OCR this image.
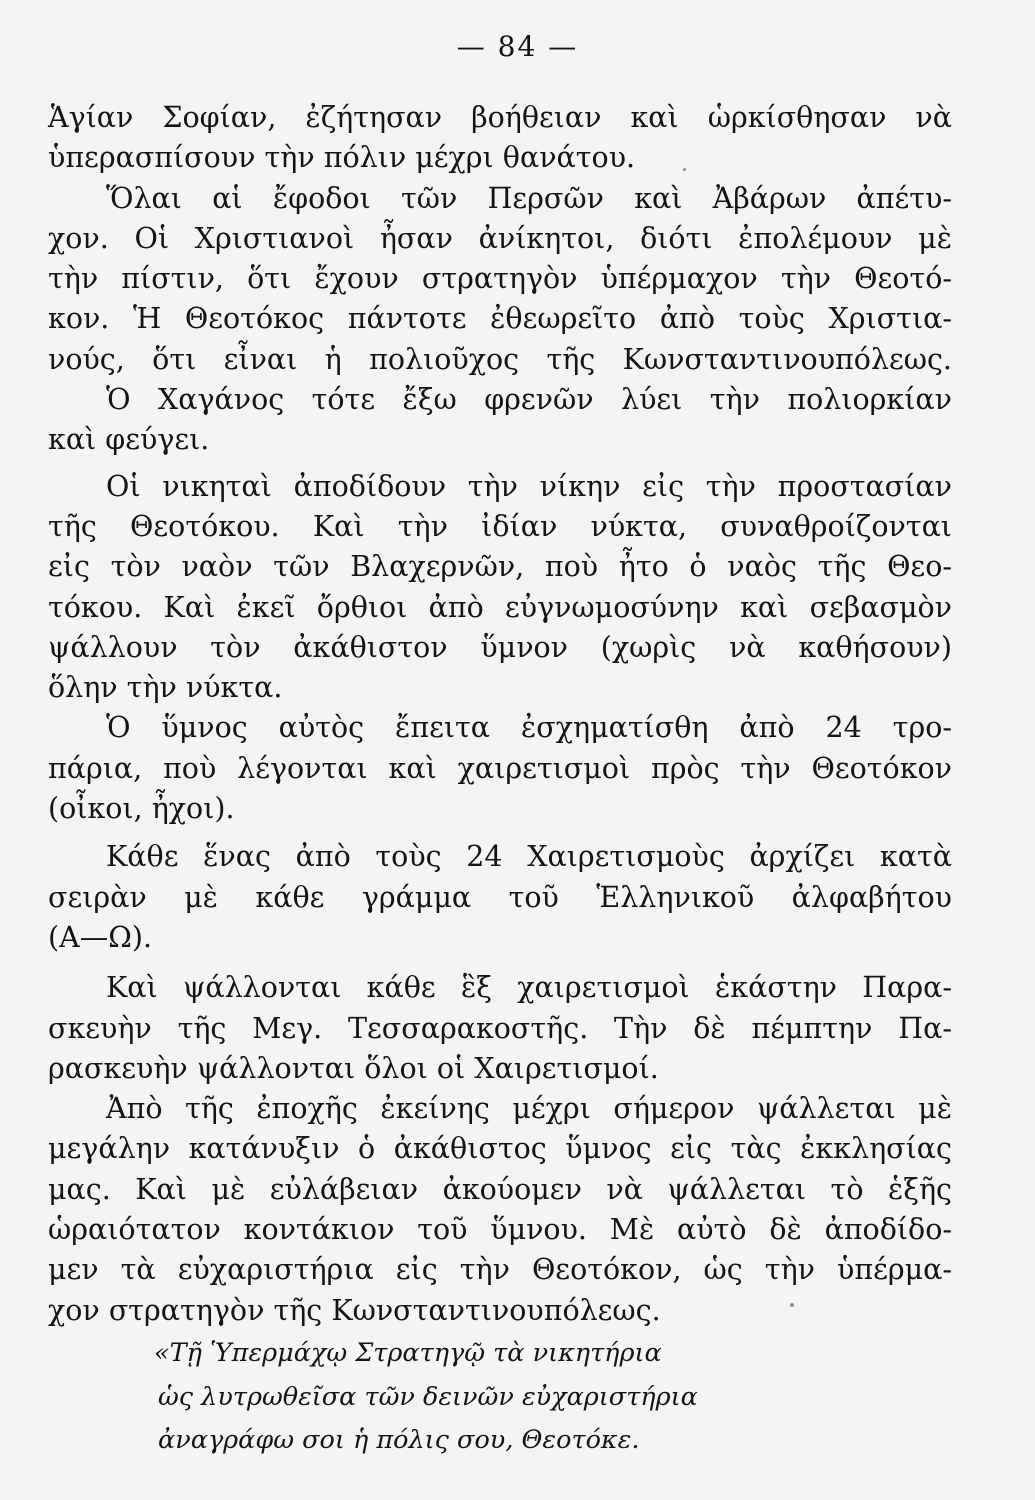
— 84 —
Ἁγίαν Σοφίαν, ἐζήτησαν βοήθειαν καὶ ὡρκίσθησαν νὰ
ὑπερασπίσουν τὴν πόλιν μέχρι θανάτου.
Ὅλαι αἱ ἔφοδοι τῶν Περσῶν καὶ Ἀβάρων ἀπέτυ-
χον. Οἱ Χριστιανοὶ ἦσαν ἀνίκητοι, διότι ἐπολέμουν μὲ
τὴν πίστιν, ὅτι ἔχουν στρατηγὸν ὑπέρμαχον τὴν Θεοτό-
κον. Ἡ Θεοτόκος πάντοτε ἐθεωρεῖτο ἀπὸ τοὺς Χριστια-
νούς, ὅτι εἶναι ἡ πολιοῦχος τῆς Κωνσταντινουπόλεως.
Ὁ Χαγάνος τότε ἔξω φρενῶν λύει τὴν πολιορκίαν
καὶ φεύγει.
Οἱ νικηταὶ ἀποδίδουν τὴν νίκην εἰς τὴν προστασίαν
τῆς Θεοτόκου. Καὶ τὴν ἰδίαν νύκτα, συναθροίζονται
εἰς τὸν ναὸν τῶν Βλαχερνῶν, ποὺ ἦτο ὁ ναὸς τῆς Θεο-
τόκου. Καὶ ἐκεῖ ὄρθιοι ἀπὸ εὐγνωμοσύνην καὶ σεβασμὸν
ψάλλουν τὸν ἀκάθιστον ὕμνον (χωρὶς νὰ καθήσουν)
ὅλην τὴν νύκτα.
Ὁ ὕμνος αὐτὸς ἔπειτα ἐσχηματίσθη ἀπὸ 24 τρο-
πάρια, ποὺ λέγονται καὶ χαιρετισμοὶ πρὸς τὴν Θεοτόκον
(οἶκοι, ἦχοι).
Κάθε ἕνας ἀπὸ τοὺς 24 Χαιρετισμοὺς ἀρχίζει κατὰ
σειρὰν μὲ κάθε γράμμα τοῦ Ἑλληνικοῦ ἀλφαβήτου
(Α—Ω).
Καὶ ψάλλονται κάθε ἓξ χαιρετισμοὶ ἑκάστην Παρα-
σκευὴν τῆς Μεγ. Τεσσαρακοστῆς. Τὴν δὲ πέμπτην Πα-
ρασκευὴν ψάλλονται ὅλοι οἱ Χαιρετισμοί.
Ἀπὸ τῆς ἐποχῆς ἐκείνης μέχρι σήμερον ψάλλεται μὲ
μεγάλην κατάνυξιν ὁ ἀκάθιστος ὕμνος εἰς τὰς ἐκκλησίας
μας. Καὶ μὲ εὐλάβειαν ἀκούομεν νὰ ψάλλεται τὸ ἑξῆς
ὡραιότατον κοντάκιον τοῦ ὕμνου. Μὲ αὐτὸ δὲ ἀποδίδο-
μεν τὰ εὐχαριστήρια εἰς τὴν Θεοτόκον, ὡς τὴν ὑπέρμα-
χον στρατηγὸν τῆς Κωνσταντινουπόλεως.
«Τῇ Ὑπερμάχῳ Στρατηγῷ τὰ νικητήρια
ὡς λυτρωθεῖσα τῶν δεινῶν εὐχαριστήρια
ἀναγράφω σοι ἡ πόλις σου, Θεοτόκε.
